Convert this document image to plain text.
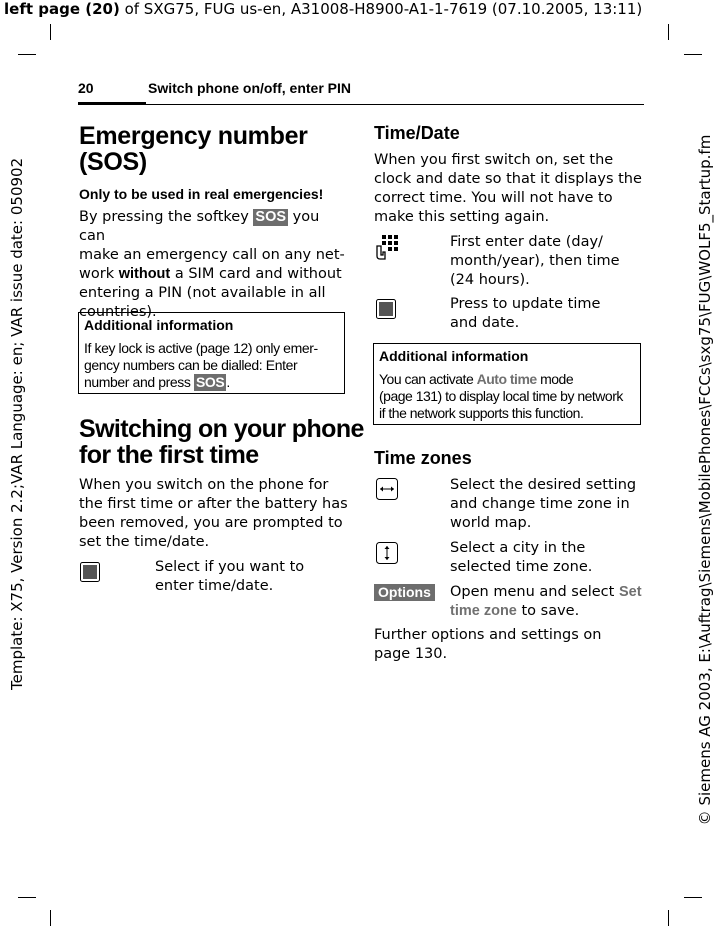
left page (20) of SXG75, FUG us-en, A31008-H8900-A1-1-7619 (07.10.2005, 13:11)
Template: X75, Version 2.2;VAR Language: en; VAR issue date: 050902	© Siemens AG 2003, E:\Auftrag\Siemens\MobilePhones\FCCs\sxg75\FUG\WOLF5_Startup.fm
20	Switch phone on/off, enter PIN
Emergency number
(SOS)
Only to be used in real emergencies!
By pressing the softkey SOS you can
make an emergency call on any net-
work without a SIM card and without
entering a PIN (not available in all
countries).
Additional information
If key lock is active (page 12) only emer-
gency numbers can be dialled: Enter
number and press SOS .
Switching on your phone
for the first time
When you switch on the phone for
the first time or after the battery has
been removed, you are prompted to
set the time/date.
Select if you want to
enter time/date.
Time/Date
When you first switch on, set the
clock and date so that it displays the
correct time. You will not have to
make this setting again.
First enter date (day/
month/year), then time
(24 hours).
Press to update time
and date.
Additional information
You can activate Auto time mode
(page 131) to display local time by network
if the network supports this function.
Time zones
Select the desired setting
and change time zone in
world map.
Select a city in the
selected time zone.
Options Open menu and select Set
time zone to save.
Further options and settings on
page 130.
